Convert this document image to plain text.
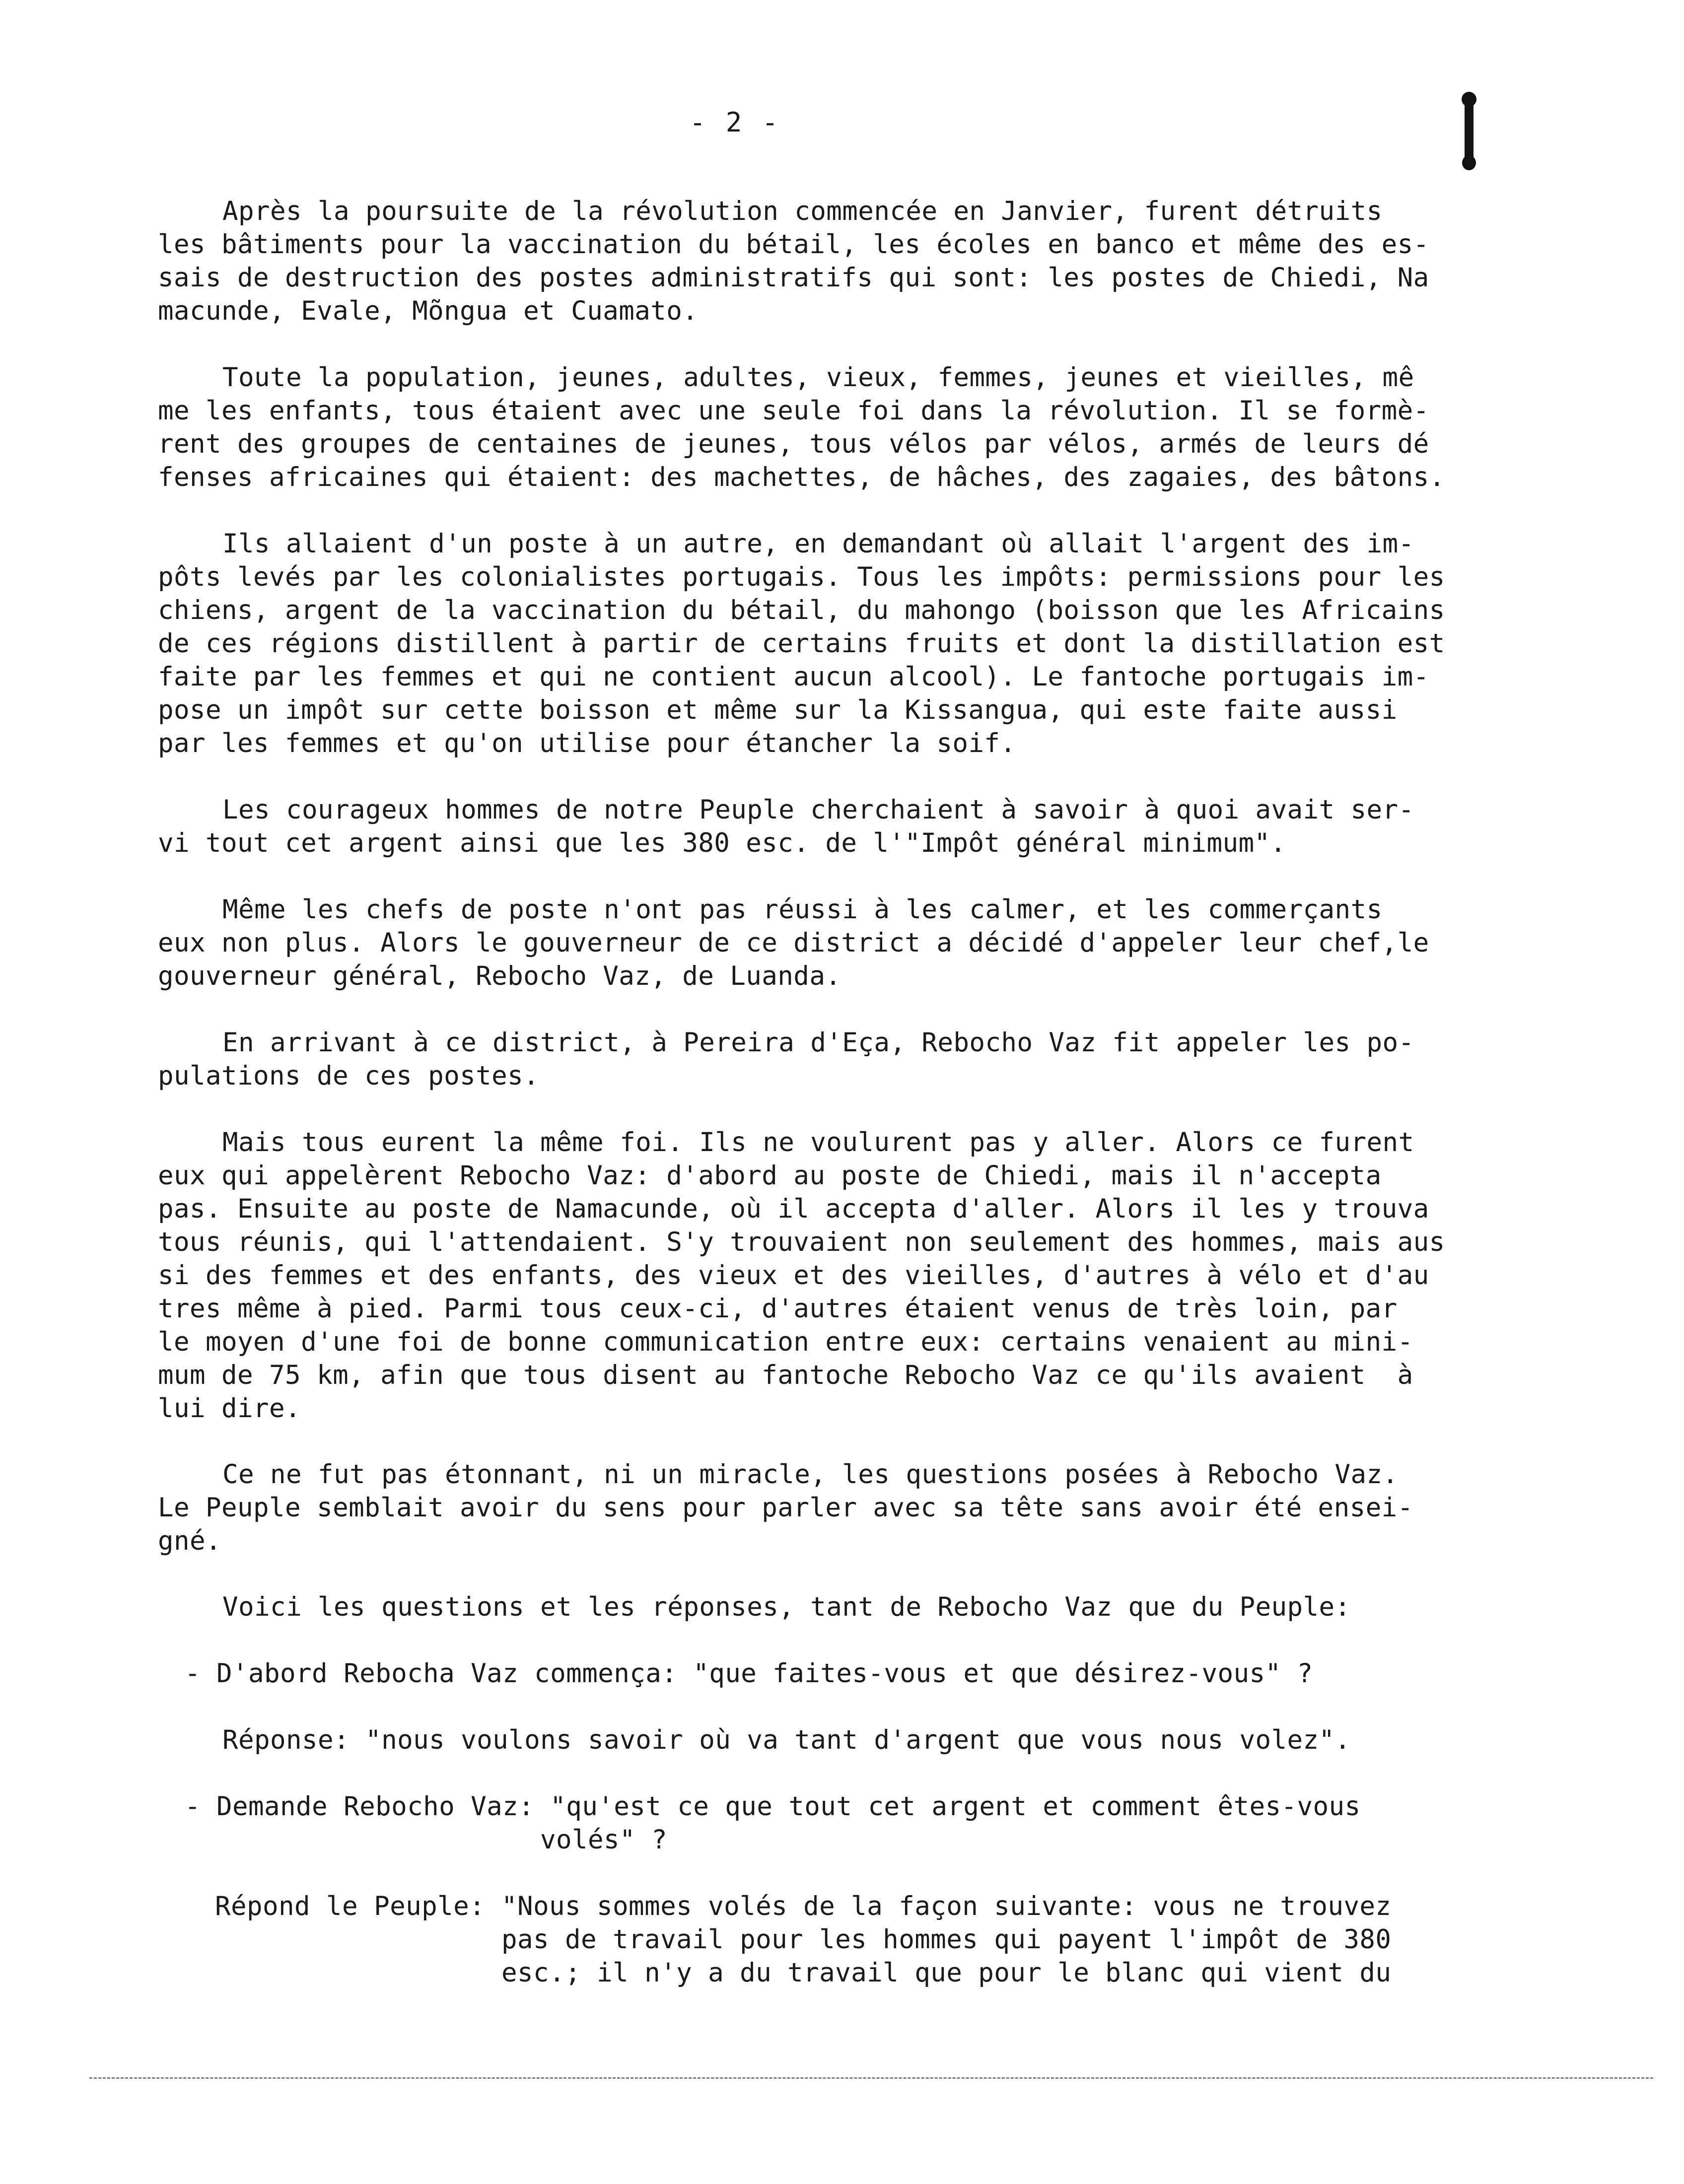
- 2 -
Après la poursuite de la révolution commencée en Janvier, furent détruits
les bâtiments pour la vaccination du bétail, les écoles en banco et même des es-
sais de destruction des postes administratifs qui sont: les postes de Chiedi, Na
macunde, Evale, Mõngua et Cuamato.
Toute la population, jeunes, adultes, vieux, femmes, jeunes et vieilles, mê
me les enfants, tous étaient avec une seule foi dans la révolution. Il se formè-
rent des groupes de centaines de jeunes, tous vélos par vélos, armés de leurs dé
fenses africaines qui étaient: des machettes, de hâches, des zagaies, des bâtons.
Ils allaient d'un poste à un autre, en demandant où allait l'argent des im-
pôts levés par les colonialistes portugais. Tous les impôts: permissions pour les
chiens, argent de la vaccination du bétail, du mahongo (boisson que les Africains
de ces régions distillent à partir de certains fruits et dont la distillation est
faite par les femmes et qui ne contient aucun alcool). Le fantoche portugais im-
pose un impôt sur cette boisson et même sur la Kissangua, qui este faite aussi
par les femmes et qu'on utilise pour étancher la soif.
Les courageux hommes de notre Peuple cherchaient à savoir à quoi avait ser-
vi tout cet argent ainsi que les 380 esc. de l'"Impôt général minimum".
Même les chefs de poste n'ont pas réussi à les calmer, et les commerçants
eux non plus. Alors le gouverneur de ce district a décidé d'appeler leur chef,le
gouverneur général, Rebocho Vaz, de Luanda.
En arrivant à ce district, à Pereira d'Eça, Rebocho Vaz fit appeler les po-
pulations de ces postes.
Mais tous eurent la même foi. Ils ne voulurent pas y aller. Alors ce furent
eux qui appelèrent Rebocho Vaz: d'abord au poste de Chiedi, mais il n'accepta
pas. Ensuite au poste de Namacunde, où il accepta d'aller. Alors il les y trouva
tous réunis, qui l'attendaient. S'y trouvaient non seulement des hommes, mais aus
si des femmes et des enfants, des vieux et des vieilles, d'autres à vélo et d'au
tres même à pied. Parmi tous ceux-ci, d'autres étaient venus de très loin, par
le moyen d'une foi de bonne communication entre eux: certains venaient au mini-
mum de 75 km, afin que tous disent au fantoche Rebocho Vaz ce qu'ils avaient  à
lui dire.
Ce ne fut pas étonnant, ni un miracle, les questions posées à Rebocho Vaz.
Le Peuple semblait avoir du sens pour parler avec sa tête sans avoir été ensei-
gné.
Voici les questions et les réponses, tant de Rebocho Vaz que du Peuple:
- D'abord Rebocha Vaz commença: "que faites-vous et que désirez-vous" ?
Réponse: "nous voulons savoir où va tant d'argent que vous nous volez".
- Demande Rebocho Vaz: "qu'est ce que tout cet argent et comment êtes-vous
volés" ?
Répond le Peuple: "Nous sommes volés de la façon suivante: vous ne trouvez
pas de travail pour les hommes qui payent l'impôt de 380
esc.; il n'y a du travail que pour le blanc qui vient du
